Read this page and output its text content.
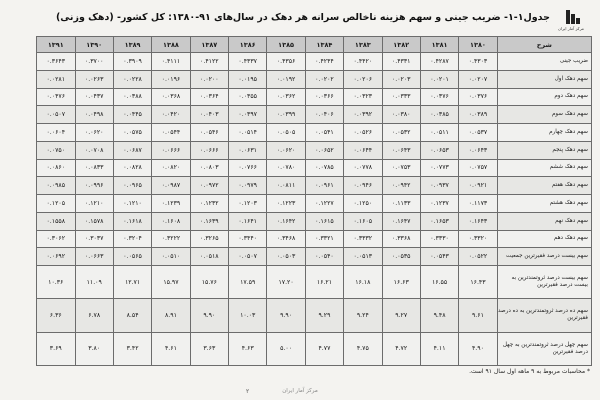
مرکز آمار ایران
جدول۱-۱- ضریب جینی و سهم هزینه ناخالص سرانه هر دهک در سال‌های ۹۱-۱۳۸۰: کل کشور- (دهک وزنی)
شرح	۱۳۸۰	۱۳۸۱	۱۳۸۲	۱۳۸۳	۱۳۸۴	۱۳۸۵	۱۳۸۶	۱۳۸۷	۱۳۸۸	۱۳۸۹	۱۳۹۰	۱۳۹۱
ضریب جینی	۰.۴۳۰۳	۰.۴۲۸۷	۰.۴۳۳۱	۰.۴۴۲۰	۰.۴۲۴۴	۰.۴۳۵۶	۰.۴۳۳۷	۰.۴۱۲۲	۰.۴۱۱۱	۰.۳۹۰۹	۰.۳۷۰۰	۰.۳۶۴۳
سهم دهک اول	۰.۰۲۰۷	۰.۰۲۰۱	۰.۰۲۰۳	۰.۰۲۰۶	۰.۰۲۰۲	۰.۰۱۹۲	۰.۰۱۹۵	۰.۰۲۰۰	۰.۰۱۹۶	۰.۰۲۲۸	۰.۰۲۶۳	۰.۰۲۸۱
سهم دهک دوم	۰.۰۳۷۶	۰.۰۳۷۶	۰.۰۳۳۳	۰.۰۳۲۳	۰.۰۳۶۶	۰.۰۳۶۲	۰.۰۳۵۵	۰.۰۳۶۴	۰.۰۳۶۸	۰.۰۳۸۸	۰.۰۴۳۷	۰.۰۴۷۶
سهم دهک سوم	۰.۰۳۸۹	۰.۰۳۸۵	۰.۰۳۸۰	۰.۰۳۹۲	۰.۰۴۰۶	۰.۰۳۹۹	۰.۰۳۹۷	۰.۰۴۰۳	۰.۰۴۲۰	۰.۰۴۴۵	۰.۰۴۹۸	۰.۰۵۰۷
سهم دهک چهارم	۰.۰۵۳۷	۰.۰۵۱۱	۰.۰۵۳۲	۰.۰۵۲۶	۰.۰۵۴۱	۰.۰۵۰۵	۰.۰۵۱۴	۰.۰۵۴۶	۰.۰۵۴۴	۰.۰۵۷۵	۰.۰۶۲۰	۰.۰۶۰۴
سهم دهک پنجم	۰.۰۶۴۳	۰.۰۶۵۳	۰.۰۶۴۳	۰.۰۶۴۴	۰.۰۶۵۲	۰.۰۶۲۰	۰.۰۶۳۱	۰.۰۶۶۶	۰.۰۶۶۶	۰.۰۶۸۷	۰.۰۷۰۸	۰.۰۷۵۰
سهم دهک ششم	۰.۰۷۵۷	۰.۰۷۷۳	۰.۰۷۵۳	۰.۰۷۷۸	۰.۰۷۸۵	۰.۰۷۸۰	۰.۰۷۶۶	۰.۰۸۰۳	۰.۰۸۲۰	۰.۰۸۲۸	۰.۰۸۳۳	۰.۰۸۶۰
سهم دهک هفتم	۰.۰۹۲۱	۰.۰۹۳۷	۰.۰۹۴۲	۰.۰۹۴۶	۰.۰۹۶۱	۰.۰۸۱۱	۰.۰۹۷۹	۰.۰۹۷۲	۰.۰۹۸۷	۰.۰۹۶۵	۰.۰۹۹۶	۰.۰۹۸۵
سهم دهک هشتم	۰.۱۱۷۳	۰.۱۲۳۷	۰.۱۱۳۳	۰.۱۲۵۰	۰.۱۲۲۷	۰.۱۲۲۳	۰.۱۲۰۳	۰.۱۲۳۲	۰.۱۲۳۹	۰.۱۲۱۰	۰.۱۲۱۰	۰.۱۲۰۵
سهم دهک نهم	۰.۱۶۴۳	۰.۱۶۵۳	۰.۱۶۴۷	۰.۱۶۰۵	۰.۱۶۱۵	۰.۱۶۴۲	۰.۱۶۴۱	۰.۱۶۳۹	۰.۱۶۰۸	۰.۱۶۱۸	۰.۱۵۷۸	۰.۱۵۵۸
سهم دهک دهم	۰.۳۳۲۰	۰.۳۳۳۰	۰.۳۳۶۸	۰.۳۳۳۲	۰.۳۳۲۱	۰.۳۴۶۸	۰.۳۴۴۰	۰.۳۲۶۵	۰.۳۲۲۲	۰.۳۲۰۴	۰.۳۰۳۷	۰.۳۰۶۲
سهم بیست درصد فقیرترین جمعیت	۰.۰۵۲۲	۰.۰۵۴۳	۰.۰۵۳۵	۰.۰۵۱۳	۰.۰۵۴۰	۰.۰۵۰۳	۰.۰۵۰۷	۰.۰۵۱۸	۰.۰۵۱۰	۰.۰۵۶۵	۰.۰۶۶۳	۰.۰۶۹۲
سهم بیست درصد ثروتمندترین به بیست درصد فقیرترین	۱۶.۴۳	۱۶.۵۵	۱۶.۶۳	۱۶.۱۸	۱۶.۲۱	۱۷.۲۰	۱۷.۵۹	۱۵.۷۶	۱۵.۹۷	۱۲.۷۱	۱۱.۰۹	۱۰.۳۶
سهم ده درصد ثروتمندترین به ده درصد فقیرترین	۹.۶۱	۹.۴۸	۹.۲۷	۹.۲۴	۹.۲۹	۹.۹۰	۱۰.۰۳	۹.۹۰	۸.۹۱	۸.۵۴	۶.۷۸	۶.۳۶
سهم چهل درصد ثروتمندترین به چهل درصد فقیرترین	۴.۹۰	۴.۱۱	۴.۷۲	۴.۷۵	۴.۷۷	۵.۰۰	۴.۶۳	۳.۶۳	۴.۶۱	۳.۴۲	۳.۸۰	۳.۶۹
* محاسبات مربوط به ۹ ماهه اول سال ۹۱ است.
مرکز آمار ایران
۲
